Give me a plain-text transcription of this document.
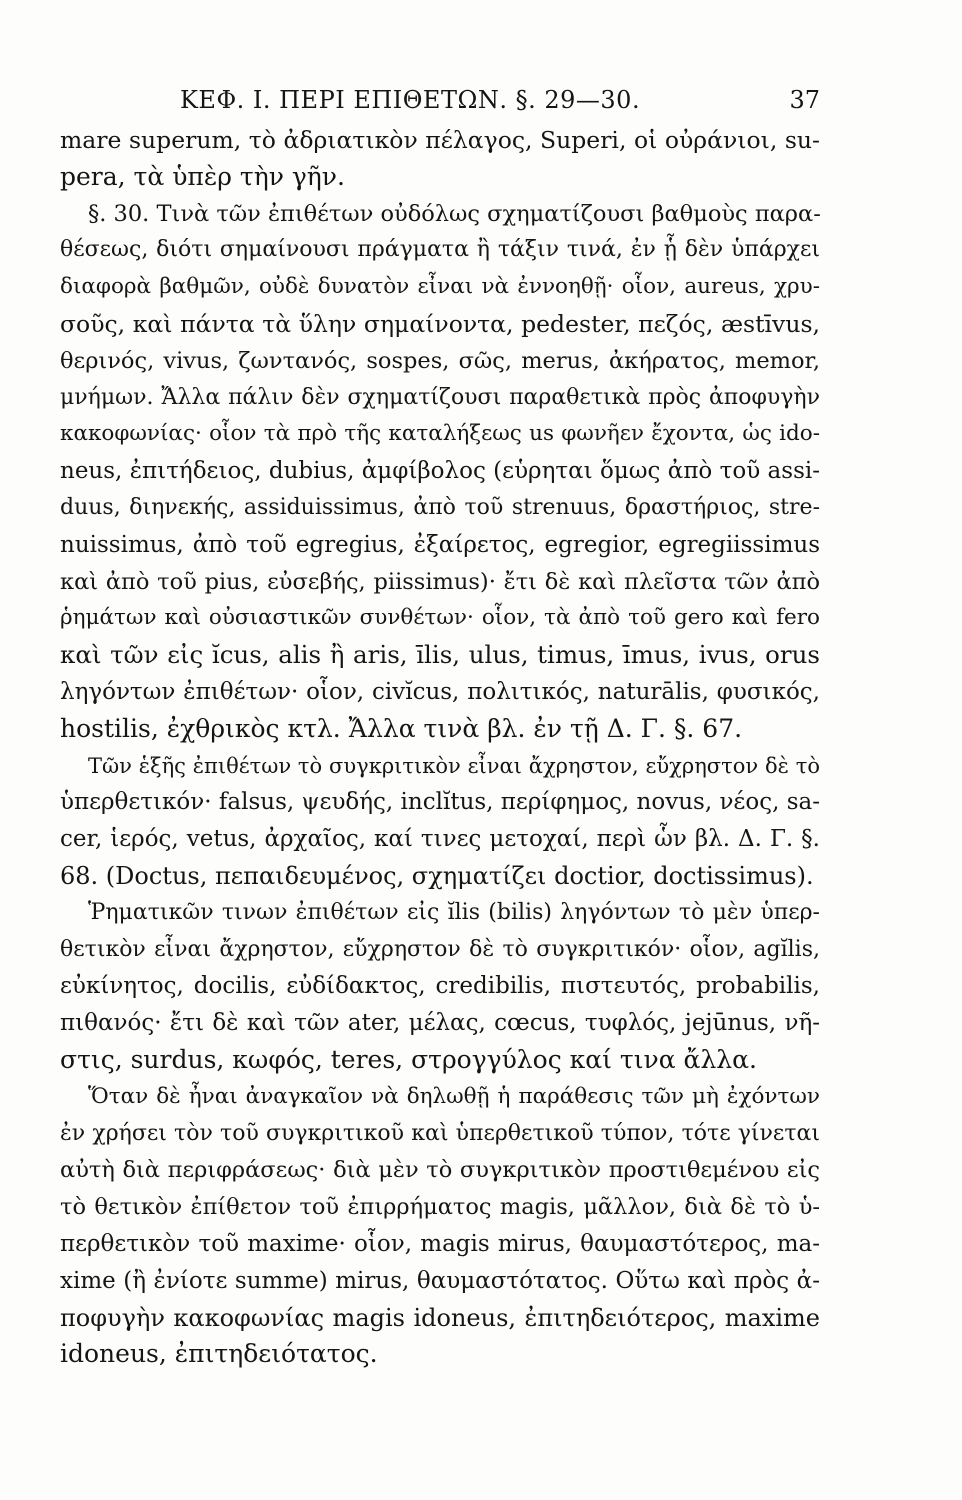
ΚΕΦ. Ι. ΠΕΡΙ ΕΠΙΘΕΤΩΝ. §. 29—30.	37
mare superum, τὸ ἀδριατικὸν πέλαγος, Superi, οἱ οὐράνιοι, su-
pera, τὰ ὑπὲρ τὴν γῆν.
§. 30. Τινὰ τῶν ἐπιθέτων οὐδόλως σχηματίζουσι βαθμοὺς παρα-
θέσεως, διότι σημαίνουσι πράγματα ἢ τάξιν τινά, ἐν ᾗ δὲν ὑπάρχει
διαφορὰ βαθμῶν, οὐδὲ δυνατὸν εἶναι νὰ ἐννοηθῇ· οἷον, aureus, χρυ-
σοῦς, καὶ πάντα τὰ ὕλην σημαίνοντα, pedester, πεζός, æstīvus,
θερινός, vivus, ζωντανός, sospes, σῶς, merus, ἀκήρατος, memor,
μνήμων. Ἄλλα πάλιν δὲν σχηματίζουσι παραθετικὰ πρὸς ἀποφυγὴν
κακοφωνίας· οἷον τὰ πρὸ τῆς καταλήξεως us φωνῆεν ἔχοντα, ὡς ido-
neus, ἐπιτήδειος, dubius, ἀμφίβολος (εὑρηται ὅμως ἀπὸ τοῦ assi-
duus, διηνεκής, assiduissimus, ἀπὸ τοῦ strenuus, δραστήριος, stre-
nuissimus, ἀπὸ τοῦ egregius, ἐξαίρετος, egregior, egregiissimus
καὶ ἀπὸ τοῦ pius, εὐσεβής, piissimus)· ἔτι δὲ καὶ πλεῖστα τῶν ἀπὸ
ῥημάτων καὶ οὐσιαστικῶν συνθέτων· οἷον, τὰ ἀπὸ τοῦ gero καὶ fero
καὶ τῶν εἰς ĭcus, alis ἢ aris, īlis, ulus, timus, īmus, ivus, orus
ληγόντων ἐπιθέτων· οἷον, civĭcus, πολιτικός, naturālis, φυσικός,
hostilis, ἐχθρικὸς κτλ. Ἄλλα τινὰ βλ. ἐν τῇ Δ. Γ. §. 67.
Τῶν ἑξῆς ἐπιθέτων τὸ συγκριτικὸν εἶναι ἄχρηστον, εὔχρηστον δὲ τὸ
ὑπερθετικόν· falsus, ψευδής, inclĭtus, περίφημος, novus, νέος, sa-
cer, ἱερός, vetus, ἀρχαῖος, καί τινες μετοχαί, περὶ ὧν βλ. Δ. Γ. §.
68. (Doctus, πεπαιδευμένος, σχηματίζει doctior, doctissimus).
Ῥηματικῶν τινων ἐπιθέτων εἰς ĭlis (bilis) ληγόντων τὸ μὲν ὑπερ-
θετικὸν εἶναι ἄχρηστον, εὔχρηστον δὲ τὸ συγκριτικόν· οἷον, agĭlis,
εὐκίνητος, docilis, εὐδίδακτος, credibilis, πιστευτός, probabilis,
πιθανός· ἔτι δὲ καὶ τῶν ater, μέλας, cœcus, τυφλός, jejūnus, νῆ-
στις, surdus, κωφός, teres, στρογγύλος καί τινα ἄλλα.
Ὅταν δὲ ἦναι ἀναγκαῖον νὰ δηλωθῇ ἡ παράθεσις τῶν μὴ ἐχόντων
ἐν χρήσει τὸν τοῦ συγκριτικοῦ καὶ ὑπερθετικοῦ τύπον, τότε γίνεται
αὐτὴ διὰ περιφράσεως· διὰ μὲν τὸ συγκριτικὸν προστιθεμένου εἰς
τὸ θετικὸν ἐπίθετον τοῦ ἐπιρρήματος magis, μᾶλλον, διὰ δὲ τὸ ὑ-
περθετικὸν τοῦ maxime· οἷον, magis mirus, θαυμαστότερος, ma-
xime (ἢ ἐνίοτε summe) mirus, θαυμαστότατος. Οὕτω καὶ πρὸς ἀ-
ποφυγὴν κακοφωνίας magis idoneus, ἐπιτηδειότερος, maxime
idoneus, ἐπιτηδειότατος.
